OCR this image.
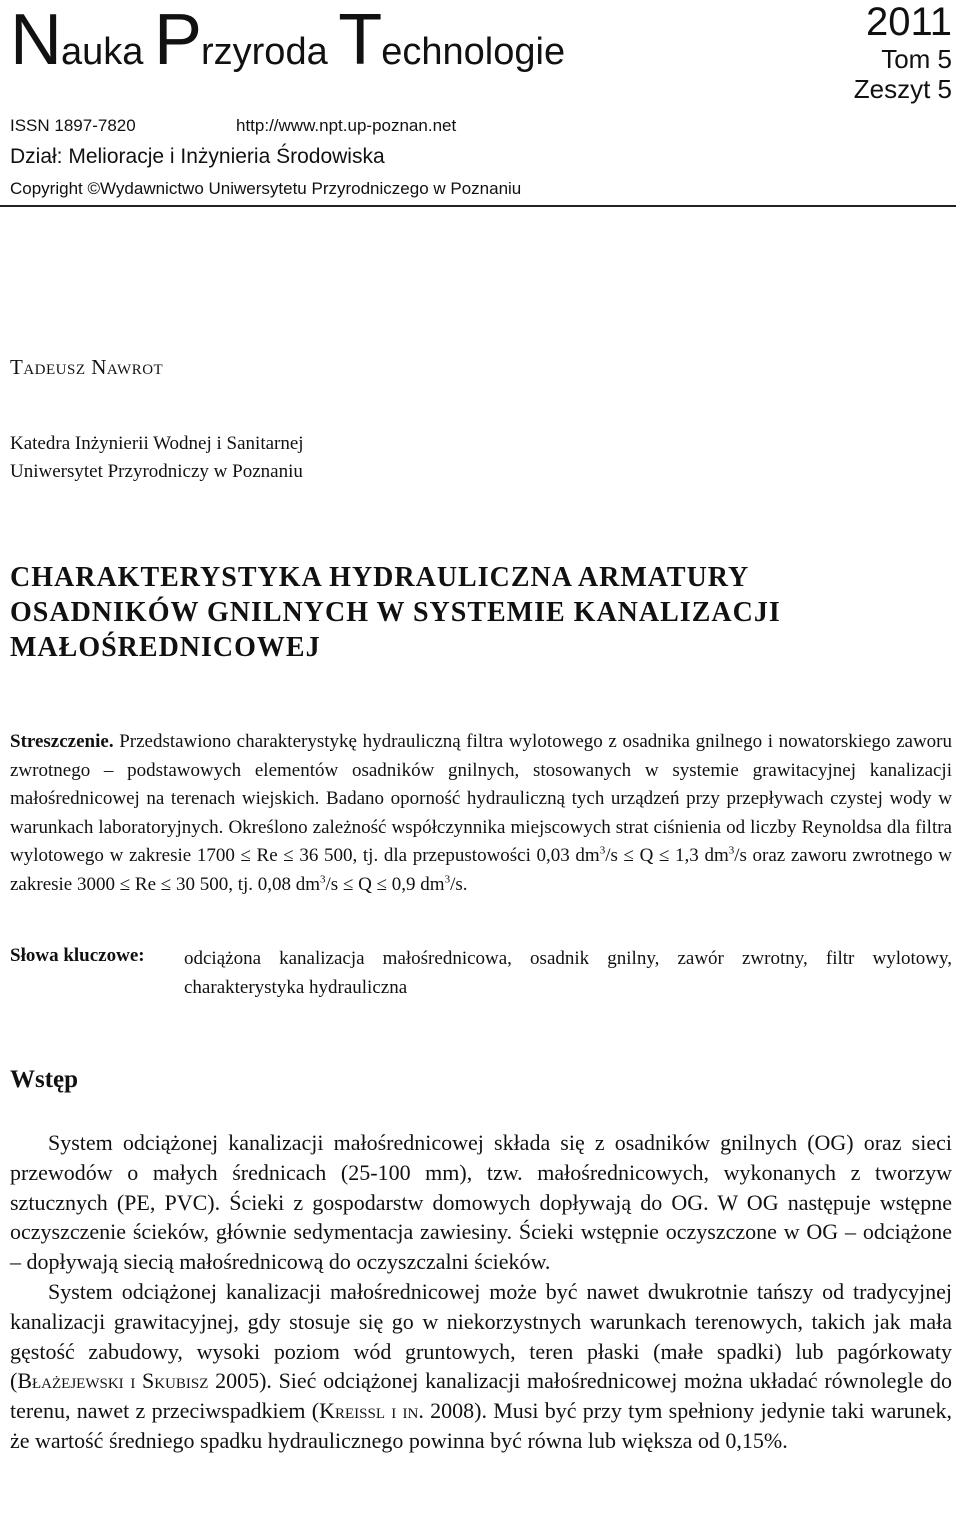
Nauka Przyroda Technologie
2011
Tom 5
Zeszyt 5
ISSN 1897-7820	http://www.npt.up-poznan.net
Dział: Melioracje i Inżynieria Środowiska
Copyright ©Wydawnictwo Uniwersytetu Przyrodniczego w Poznaniu
Tadeusz Nawrot
Katedra Inżynierii Wodnej i Sanitarnej
Uniwersytet Przyrodniczy w Poznaniu
CHARAKTERYSTYKA HYDRAULICZNA ARMATURY
OSADNIKÓW GNILNYCH W SYSTEMIE KANALIZACJI
MAŁOŚREDNICOWEJ
Streszczenie. Przedstawiono charakterystykę hydrauliczną filtra wylotowego z osadnika gnilnego i nowatorskiego zaworu zwrotnego – podstawowych elementów osadników gnilnych, stosowanych w systemie grawitacyjnej kanalizacji małośrednicowej na terenach wiejskich. Badano oporność hydrauliczną tych urządzeń przy przepływach czystej wody w warunkach laboratoryjnych. Określono zależność współczynnika miejscowych strat ciśnienia od liczby Reynoldsa dla filtra wylotowego w zakresie 1700 ≤ Re ≤ 36 500, tj. dla przepustowości 0,03 $dm^3/s \le Q \le 1,3$ $dm^3/s$ oraz zaworu zwrotnego w zakresie 3000 ≤ Re ≤ 30 500, tj. 0,08 $dm^3/s \le Q \le 0,9$ $dm^3/s$.
Słowa kluczowe: odciążona kanalizacja małośrednicowa, osadnik gnilny, zawór zwrotny, filtr wylotowy, charakterystyka hydrauliczna
Wstęp

System odciążonej kanalizacji małośrednicowej składa się z osadników gnilnych (OG) oraz sieci przewodów o małych średnicach (25-100 mm), tzw. małośrednicowych, wykonanych z tworzyw sztucznych (PE, PVC). Ścieki z gospodarstw domowych dopływają do OG. W OG następuje wstępne oczyszczenie ścieków, głównie sedymentacja zawiesiny. Ścieki wstępnie oczyszczone w OG – odciążone – dopływają siecią małośrednicową do oczyszczalni ścieków.

System odciążonej kanalizacji małośrednicowej może być nawet dwukrotnie tańszy od tradycyjnej kanalizacji grawitacyjnej, gdy stosuje się go w niekorzystnych warunkach terenowych, takich jak mała gęstość zabudowy, wysoki poziom wód gruntowych, teren płaski (małe spadki) lub pagórkowaty (Błażejewski i Skubisz 2005). Sieć odciążonej kanalizacji małośrednicowej można układać równolegle do terenu, nawet z przeciwspadkiem (Kreissl i in. 2008). Musi być przy tym spełniony jedynie taki warunek, że wartość średniego spadku hydraulicznego powinna być równa lub większa od 0,15%.
